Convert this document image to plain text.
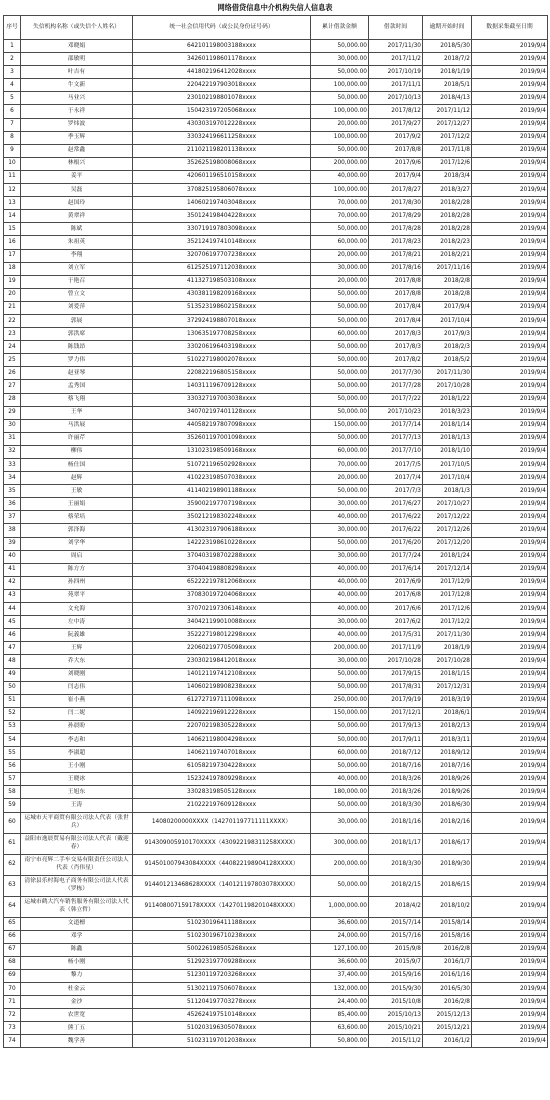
网络借贷信息中介机构失信人信息表
序号	失信机构名称（或失信个人姓名）	统一社会信用代码（或公民身份证号码）	累计借款金额	借款时间	逾期开始时间	数据采集截至日期
1	邓晓娟	642101198003188xxxx	50,000.00	2017/11/30	2018/5/30	2019/9/4
2	邵敏明	342601198601178xxxx	30,000.00	2017/11/2	2018/7/2	2019/9/4
3	叶吉有	441802196412028xxxx	50,000.00	2017/10/19	2018/1/19	2019/9/4
4	牛文新	220422197903018xxxx	100,000.00	2017/11/1	2018/5/1	2019/9/4
5	马业兴	230102198801078xxxx	50,000.00	2017/10/13	2018/4/13	2019/9/4
6	于永祥	150423197205068xxxx	100,000.00	2017/8/12	2017/11/12	2019/9/4
7	罗炜波	430303197012228xxxx	20,000.00	2017/9/27	2017/12/27	2019/9/4
8	季玉辉	330324196611258xxxx	100,000.00	2017/9/2	2017/12/2	2019/9/4
9	赵常鑫	211021198201138xxxx	50,000.00	2017/8/8	2017/11/8	2019/9/4
10	林根兴	352625198008068xxxx	200,000.00	2017/9/6	2017/12/6	2019/9/4
11	姜平	420601196510158xxxx	40,000.00	2017/9/4	2018/3/4	2019/9/4
12	吴磊	370825195806078xxxx	100,000.00	2017/8/27	2018/3/27	2019/9/4
13	赵国玲	140602197403048xxxx	70,000.00	2017/8/30	2018/2/28	2019/9/4
14	黄翠祥	350124198404228xxxx	70,000.00	2017/8/29	2018/2/28	2019/9/4
15	陈斌	330719197803098xxxx	50,000.00	2017/8/28	2018/2/28	2019/9/4
16	朱祖英	352124197410148xxxx	60,000.00	2017/8/23	2018/2/23	2019/9/4
17	李翔	320706197707238xxxx	20,000.00	2017/8/21	2018/2/21	2019/9/4
18	刘立军	612525197112038xxxx	30,000.00	2017/8/16	2017/11/16	2019/9/4
19	于艳召	411327198503108xxxx	20,000.00	2017/8/8	2018/2/8	2019/9/4
20	曾立文	430381198209168xxxx	50,000.00	2017/8/8	2018/2/8	2019/9/4
21	刘爱萍	513523198602158xxxx	50,000.00	2017/8/4	2017/9/4	2019/9/4
22	郭展	372924198807018xxxx	50,000.00	2017/8/4	2017/10/4	2019/9/4
23	郭洪席	130635197708258xxxx	60,000.00	2017/8/3	2017/9/3	2019/9/4
24	陈钱昂	330206196403198xxxx	50,000.00	2017/8/3	2018/2/3	2019/9/4
25	罗力伟	510227198002078xxxx	50,000.00	2017/8/2	2018/5/2	2019/9/4
26	赵亚琴	220822196805158xxxx	50,000.00	2017/7/30	2017/11/30	2019/9/4
27	孟秀国	140311196709128xxxx	50,000.00	2017/7/28	2017/10/28	2019/9/4
28	蔡飞翔	330327197003038xxxx	50,000.00	2017/7/22	2018/1/22	2019/9/4
29	王华	340702197401128xxxx	50,000.00	2017/10/23	2018/3/23	2019/9/4
30	马洪展	440582197807098xxxx	150,000.00	2017/7/14	2018/1/14	2019/9/4
31	许丽芹	352601197001098xxxx	50,000.00	2017/7/13	2018/1/13	2019/9/4
32	柳伟	131023198509168xxxx	60,000.00	2017/7/10	2018/1/10	2019/9/4
33	杨仕国	510721196502928xxxx	70,000.00	2017/7/5	2017/10/5	2019/9/4
34	赵辉	410223198507038xxxx	20,000.00	2017/7/4	2017/10/4	2019/9/4
35	王敏	411402198901188xxxx	50,000.00	2017/7/3	2018/1/3	2019/9/4
36	王丽娟	359002197707198xxxx	30,000.00	2017/6/27	2017/10/27	2019/9/4
37	蔡荣培	350212198302248xxxx	40,000.00	2017/6/22	2017/12/22	2019/9/4
38	郭泽海	413023197906188xxxx	30,000.00	2017/6/22	2017/12/26	2019/9/4
39	刘学华	142223198610228xxxx	50,000.00	2017/6/20	2017/12/20	2019/9/4
40	周启	370403198702288xxxx	30,000.00	2017/7/24	2018/1/24	2019/9/4
41	陈方方	370404198808298xxxx	40,000.00	2017/6/14	2017/12/14	2019/9/4
42	孙四州	652222197812068xxxx	40,000.00	2017/6/9	2017/12/9	2019/9/4
43	苑翠平	370830197204068xxxx	40,000.00	2017/6/8	2017/12/8	2019/9/4
44	文允海	370702197306148xxxx	40,000.00	2017/6/6	2017/12/6	2019/9/4
45	左中涛	340421199010088xxxx	30,000.00	2017/6/2	2017/12/2	2019/9/4
46	阮義雄	352227198012298xxxx	40,000.00	2017/5/31	2017/11/30	2019/9/4
47	王辉	220602197705098xxxx	200,000.00	2017/11/9	2018/1/9	2019/9/4
48	乔大东	230302198412018xxxx	30,000.00	2017/10/28	2017/10/28	2019/9/4
49	刘晓刚	140121197412108xxxx	50,000.00	2017/9/15	2018/1/15	2019/9/4
50	闫志伟	140602198908238xxxx	50,000.00	2017/8/31	2017/12/31	2019/9/4
51	崔小燕	612727197111098xxxx	250,000.00	2017/9/19	2018/3/19	2019/9/4
52	闫二妮	140922196912228xxxx	150,000.00	2017/12/1	2018/6/1	2019/9/4
53	孙晨盼	220702198305228xxxx	50,000.00	2017/9/13	2018/2/13	2019/9/4
54	李志和	140621198004298xxxx	50,000.00	2017/9/11	2018/3/11	2019/9/4
55	李淑超	140621197407018xxxx	60,000.00	2018/7/12	2018/9/12	2019/9/4
56	王小刚	610582197304228xxxx	50,000.00	2018/7/16	2018/7/16	2019/9/4
57	王晓冰	152324197809298xxxx	40,000.00	2018/3/26	2018/9/26	2019/9/4
58	王旭东	330283198505128xxxx	180,000.00	2018/3/26	2018/9/26	2019/9/4
59	王涛	210222197609128xxxx	50,000.00	2018/3/30	2018/6/30	2019/9/4
60	运城市天平商贸有限公司法人代表（张世兵）	14080200000XXXX（142701197711111XXXX）	30,000.00	2018/1/16	2018/2/16	2019/9/4
61	益阳市逸晨贸易有限公司法人代表（戴迎春）	914309005910170XXXX（430922198311258XXXX）	300,000.00	2018/1/17	2018/6/17	2019/9/4
62	南宁市亮辉二手车交易有限责任公司法人代表（肖伟星）	914501007943084XXXX（440822198904128XXXX）	200,000.00	2018/3/30	2018/9/30	2019/9/4
63	清徐县乐村海电子商务有限公司法人代表（罗栋）	914401213468628XXXX（140121197803078XXXX）	50,000.00	2018/2/15	2018/6/15	2019/9/4
64	运城市鹤大汽车销售服务有限公司法人代表（韩立哲）	911408007159178XXXX（142701198201048XXXX）	1,000,000.00	2018/4/2	2018/10/2	2019/9/4
65	文道檀	510230196411188xxxx	36,600.00	2015/7/14	2015/8/14	2019/9/4
66	邓学	510230196710238xxxx	24,000.00	2015/7/16	2015/8/16	2019/9/4
67	陈鑫	500226198505268xxxx	127,100.00	2015/9/8	2016/2/8	2019/9/4
68	杨小刚	512923197709288xxxx	36,600.00	2015/9/7	2016/1/7	2019/9/4
69	黎力	512301197203268xxxx	37,400.00	2015/9/16	2016/1/16	2019/9/4
70	杜金云	513021197506078xxxx	132,000.00	2015/9/30	2016/5/30	2019/9/4
71	金沙	511204197703278xxxx	24,400.00	2015/10/8	2016/2/8	2019/9/4
72	农世宽	452624197510148xxxx	85,400.00	2015/10/13	2015/12/13	2019/9/4
73	熊丁五	510203196305078xxxx	63,600.00	2015/10/21	2015/12/21	2019/9/4
74	魏学善	510231197012038xxxx	50,800.00	2015/11/2	2016/1/2	2019/9/4
